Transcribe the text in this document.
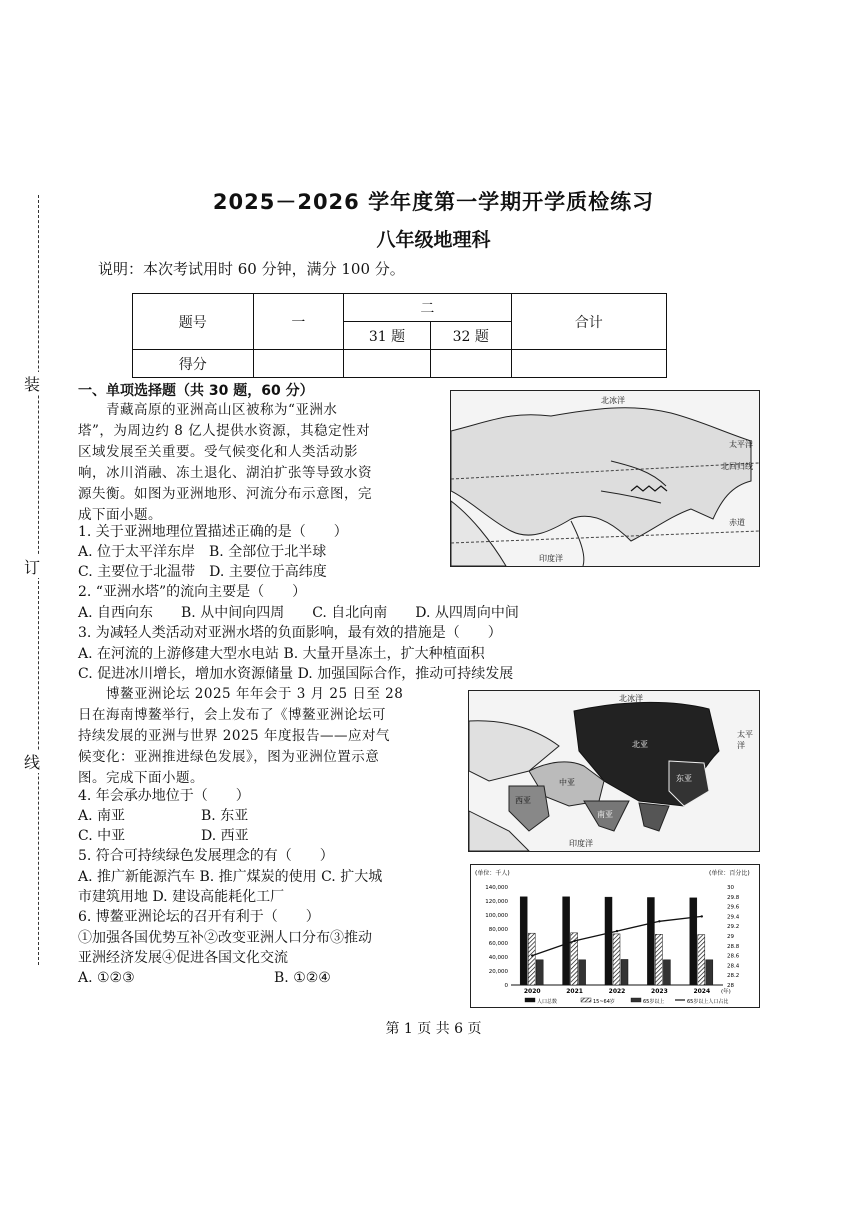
装
订
线
2025－2026 学年度第一学期开学质检练习
八年级地理科
说明：本次考试用时 60 分钟，满分 100 分。
题号	一	二		合计
		31 题	32 题	
得分				
一、单项选择题（共 30 题，60 分）
青藏高原的亚洲高山区被称为“亚洲水
塔”，为周边约 8 亿人提供水资源，其稳定性对
区域发展至关重要。受气候变化和人类活动影
响，冰川消融、冻土退化、湖泊扩张等导致水资
源失衡。如图为亚洲地形、河流分布示意图，完
成下面小题。
北冰洋
太平洋
北回归线
赤道
印度洋
1. 关于亚洲地理位置描述正确的是（　　）
A. 位于太平洋东岸　B. 全部位于北半球
C. 主要位于北温带　D. 主要位于高纬度
2. “亚洲水塔”的流向主要是（　　）
A. 自西向东　　B. 从中间向四周　　C. 自北向南　　D. 从四周向中间
3. 为减轻人类活动对亚洲水塔的负面影响，最有效的措施是（　　）
A. 在河流的上游修建大型水电站 B. 大量开垦冻土，扩大种植面积
C. 促进冰川增长，增加水资源储量 D. 加强国际合作，推动可持续发展
博鳌亚洲论坛 2025 年年会于 3 月 25 日至 28
日在海南博鳌举行，会上发布了《博鳌亚洲论坛可
持续发展的亚洲与世界 2025 年度报告——应对气
候变化：亚洲推进绿色发展》，图为亚洲位置示意
图。完成下面小题。
北冰洋
太平洋
北亚
东亚
中亚
南亚
西亚
印度洋
4. 年会承办地位于（　　）
A. 南亚	B. 东亚
C. 中亚	D. 西亚
5. 符合可持续绿色发展理念的有（　　）
A. 推广新能源汽车 B. 推广煤炭的使用 C. 扩大城
市建筑用地 D. 建设高能耗化工厂
6. 博鳌亚洲论坛的召开有利于（　　）
①加强各国优势互补②改变亚洲人口分布③推动
亚洲经济发展④促进各国文化交流
A. ①②③	B. ①②④
(单位：千人)	(单位：百分比)
140,000
120,000
100,000
80,000
60,000
40,000
20,000
0
30
29.8
29.6
29.4
29.2
29
28.8
28.6
28.4
28.2
28
2020	2021	2022	2023	2024 (年)
人口总数	15~64岁	65岁以上	65岁以上人口占比
第 1 页 共 6 页
